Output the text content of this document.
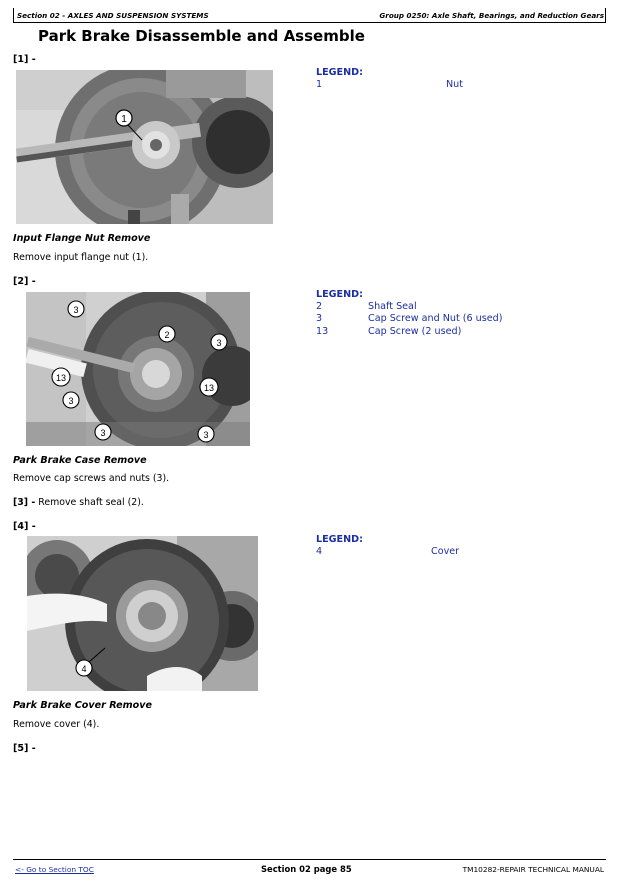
Section 02 - AXLES AND SUSPENSION SYSTEMS	Group 0250: Axle Shaft, Bearings, and Reduction Gears
Park Brake Disassemble and Assemble
[1] -
1
Input Flange Nut Remove
Remove input flange nut (1).
LEGEND:
1	Nut
[2] -
3
2
3
13
13
3
3	3
Park Brake Case Remove
Remove cap screws and nuts (3).
[3] - Remove shaft seal (2).
LEGEND:
2	Shaft Seal
3	Cap Screw and Nut (6 used)
13	Cap Screw (2 used)
[4] -
4
Park Brake Cover Remove
Remove cover (4).
LEGEND:
4	Cover
[5] -
<- Go to Section TOC	Section 02 page 85	TM10282-REPAIR TECHNICAL MANUAL
